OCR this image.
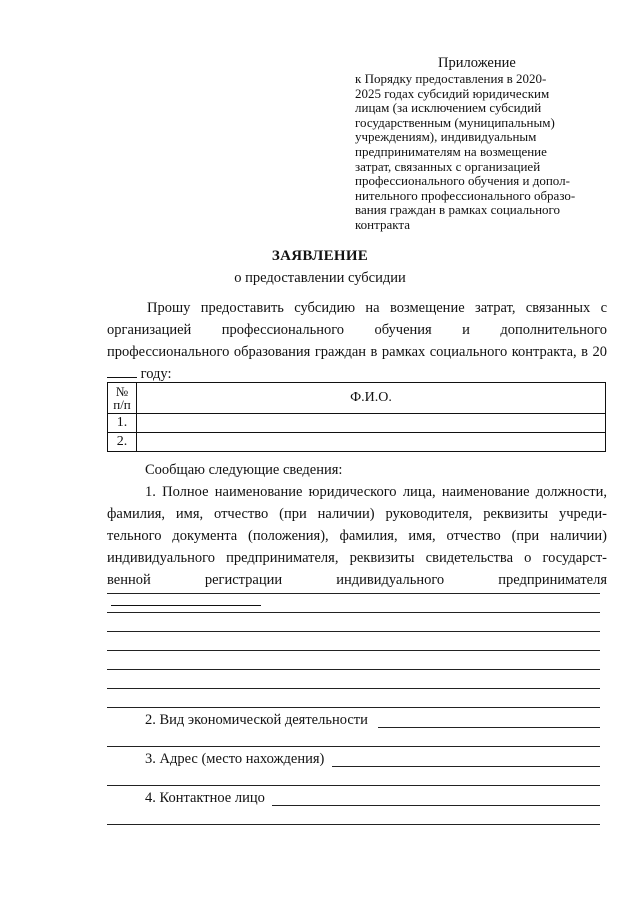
Приложение
к Порядку предоставления в 2020-
2025 годах субсидий юридическим
лицам (за исключением субсидий
государственным (муниципальным)
учреждениям), индивидуальным
предпринимателям на возмещение
затрат, связанных с организацией
профессионального обучения и допол-
нительного профессионального образо-
вания граждан в рамках социального
контракта
ЗАЯВЛЕНИЕ
о предоставлении субсидии
Прошу предоставить субсидию на возмещение затрат, связанных с организацией профессионального обучения и дополнительного профессионального образования граждан в рамках социального контракта, в 20 году:
№
п/п	Ф.И.О.
1.	
2.	
Сообщаю следующие сведения:
1. Полное наименование юридического лица, наименование должности, фамилия, имя, отчество (при наличии) руководителя, реквизиты учреди-тельного документа (положения), фамилия, имя, отчество (при наличии) индивидуального предпринимателя, реквизиты свидетельства о государст-венной регистрации индивидуального предпринимателя
2. Вид экономической деятельности
3. Адрес (место нахождения)
4. Контактное лицо
